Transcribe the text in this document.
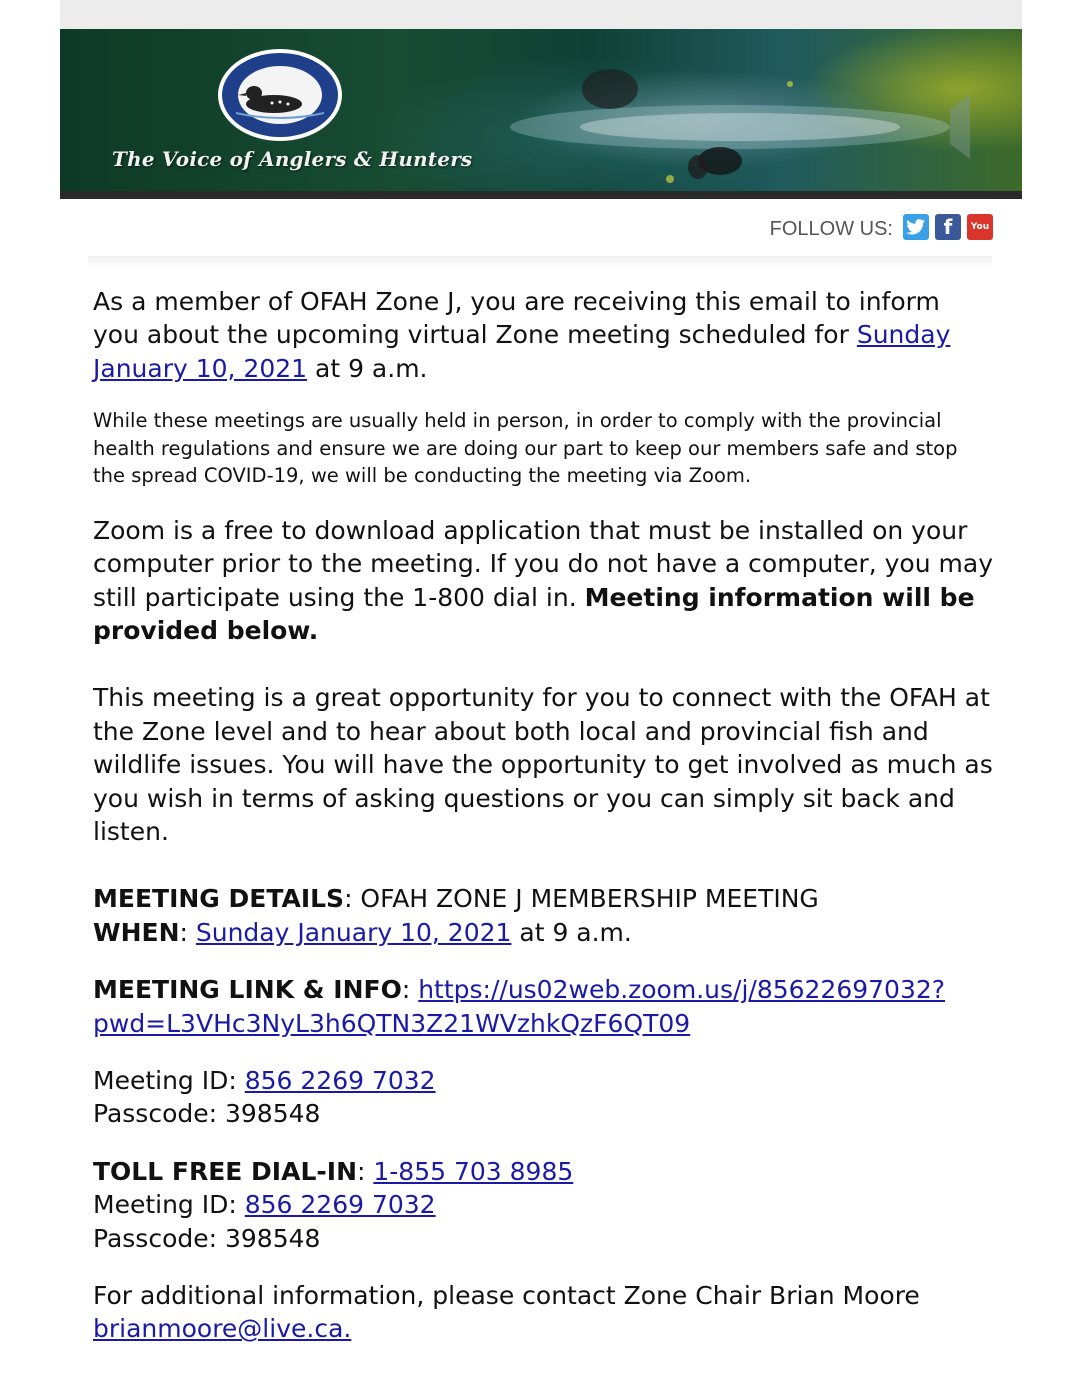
The Voice of Anglers & Hunters
FOLLOW US:	f	You

As a member of OFAH Zone J, you are receiving this email to inform you about the upcoming virtual Zone meeting scheduled for Sunday January 10, 2021 at 9 a.m.

While these meetings are usually held in person, in order to comply with the provincial health regulations and ensure we are doing our part to keep our members safe and stop the spread COVID-19, we will be conducting the meeting via Zoom.

Zoom is a free to download application that must be installed on your computer prior to the meeting. If you do not have a computer, you may still participate using the 1-800 dial in. Meeting information will be provided below.

This meeting is a great opportunity for you to connect with the OFAH at the Zone level and to hear about both local and provincial fish and wildlife issues. You will have the opportunity to get involved as much as you wish in terms of asking questions or you can simply sit back and listen.

MEETING DETAILS: OFAH ZONE J MEMBERSHIP MEETING
WHEN: Sunday January 10, 2021 at 9 a.m.

MEETING LINK & INFO: https://us02web.zoom.us/j/85622697032?
pwd=L3VHc3NyL3h6QTN3Z21WVzhkQzF6QT09

Meeting ID: 856 2269 7032
Passcode: 398548

TOLL FREE DIAL-IN: 1-855 703 8985
Meeting ID: 856 2269 7032
Passcode: 398548

For additional information, please contact Zone Chair Brian Moore brianmoore@live.ca.
